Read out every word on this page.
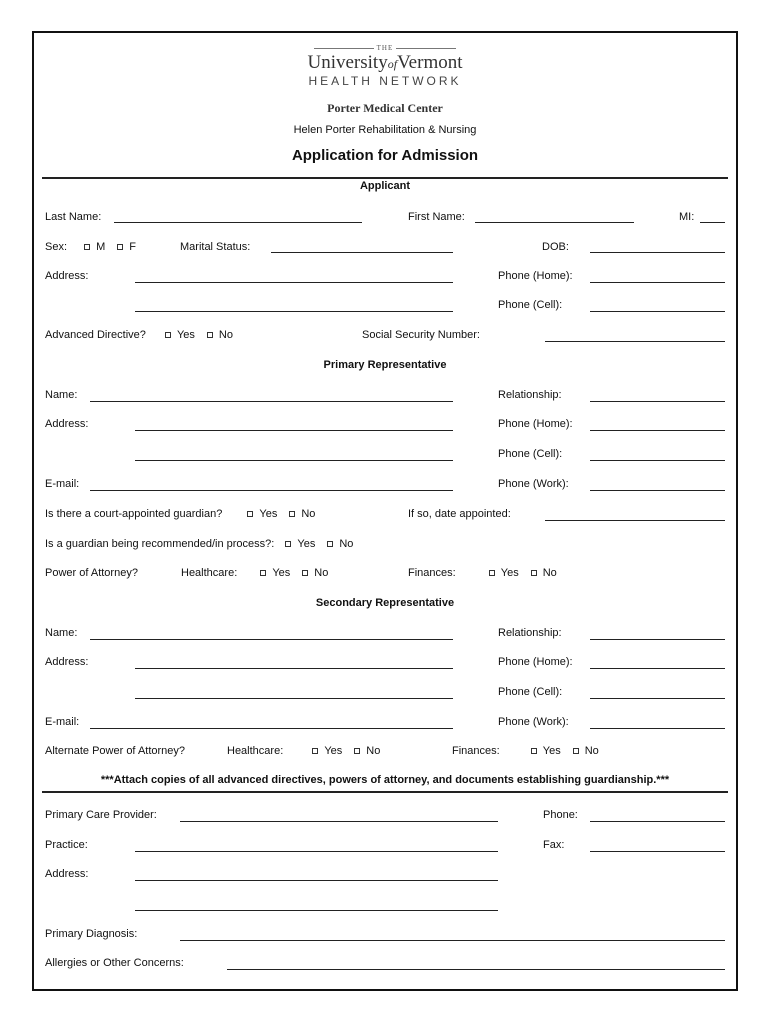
THE
UniversityofVermont
HEALTH NETWORK
Porter Medical Center
Helen Porter Rehabilitation & Nursing
Application for Admission
Applicant
Last Name:	First Name:	MI:
Sex:	M F	Marital Status:	DOB:
Address:	Phone (Home):
Phone (Cell):
Advanced Directive?	Yes No	Social Security Number:
Primary Representative
Name:	Relationship:
Address:	Phone (Home):
Phone (Cell):
E-mail:	Phone (Work):
Is there a court-appointed guardian?	Yes No	If so, date appointed:
Is a guardian being recommended/in process?: Yes No
Power of Attorney?	Healthcare:	Yes No	Finances:	Yes No
Secondary Representative
Name:	Relationship:
Address:	Phone (Home):
Phone (Cell):
E-mail:	Phone (Work):
Alternate Power of Attorney?	Healthcare:	Yes No	Finances:	Yes No
***Attach copies of all advanced directives, powers of attorney, and documents establishing guardianship.***
Primary Care Provider:	Phone:
Practice:	Fax:
Address:
Primary Diagnosis:
Allergies or Other Concerns:
